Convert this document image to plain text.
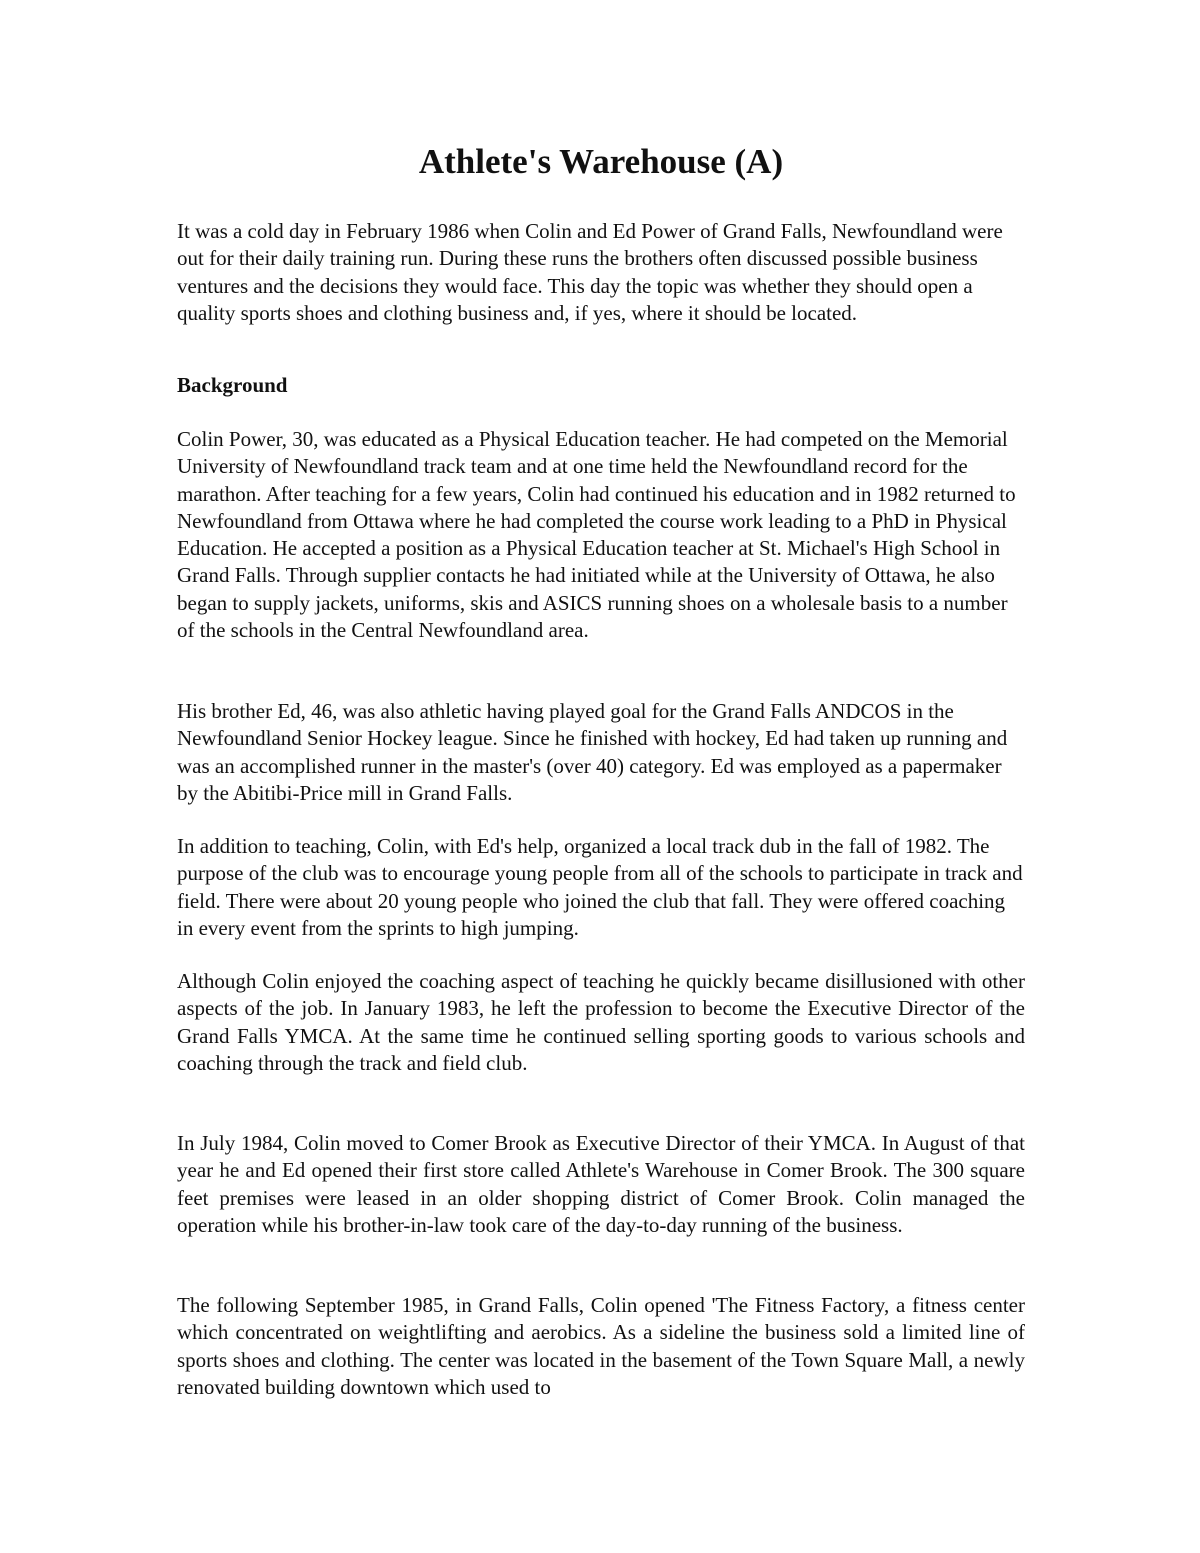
Athlete's Warehouse (A)

It was a cold day in February 1986 when Colin and Ed Power of Grand Falls, Newfoundland were out for their daily training run. During these runs the brothers often discussed possible business ventures and the decisions they would face. This day the topic was whether they should open a quality sports shoes and clothing business and, if yes, where it should be located.

Background

Colin Power, 30, was educated as a Physical Education teacher. He had competed on the Memorial University of Newfoundland track team and at one time held the Newfoundland record for the marathon. After teaching for a few years, Colin had continued his education and in 1982 returned to Newfoundland from Ottawa where he had completed the course work leading to a PhD in Physical Education. He accepted a position as a Physical Education teacher at St. Michael's High School in Grand Falls. Through supplier contacts he had initiated while at the University of Ottawa, he also began to supply jackets, uniforms, skis and ASICS running shoes on a wholesale basis to a number of the schools in the Central Newfoundland area.

His brother Ed, 46, was also athletic having played goal for the Grand Falls ANDCOS in the Newfoundland Senior Hockey league. Since he finished with hockey, Ed had taken up running and was an accomplished runner in the master's (over 40) category. Ed was employed as a papermaker by the Abitibi-Price mill in Grand Falls.

In addition to teaching, Colin, with Ed's help, organized a local track dub in the fall of 1982. The purpose of the club was to encourage young people from all of the schools to participate in track and field. There were about 20 young people who joined the club that fall. They were offered coaching in every event from the sprints to high jumping.

Although Colin enjoyed the coaching aspect of teaching he quickly became disillusioned with other aspects of the job. In January 1983, he left the profession to become the Executive Director of the Grand Falls YMCA. At the same time he continued selling sporting goods to various schools and coaching through the track and field club.

In July 1984, Colin moved to Comer Brook as Executive Director of their YMCA. In August of that year he and Ed opened their first store called Athlete's Warehouse in Comer Brook. The 300 square feet premises were leased in an older shopping district of Comer Brook. Colin managed the operation while his brother-in-law took care of the day-to-day running of the business.

The following September 1985, in Grand Falls, Colin opened 'The Fitness Factory, a fitness center which concentrated on weightlifting and aerobics. As a sideline the business sold a limited line of sports shoes and clothing. The center was located in the basement of the Town Square Mall, a newly renovated building downtown which used to
